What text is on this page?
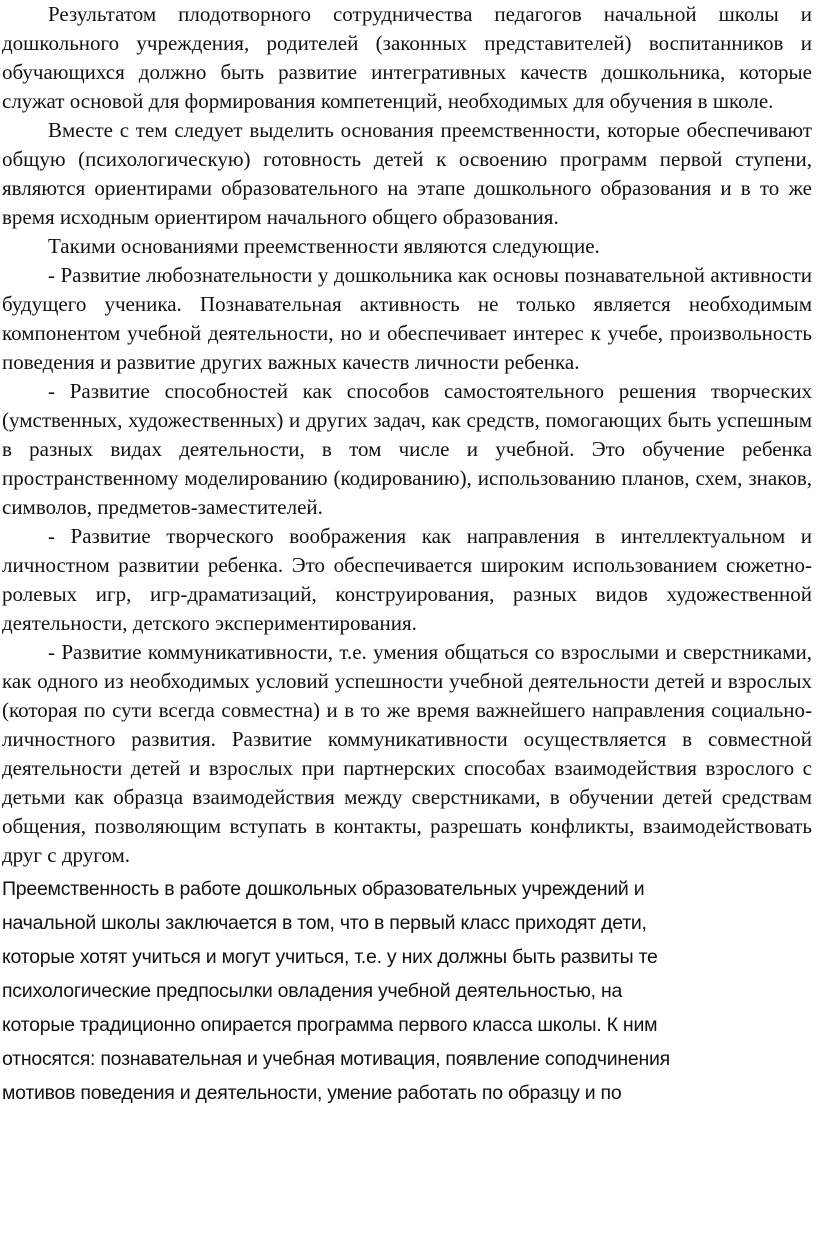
Результатом плодотворного сотрудничества педагогов начальной школы и дошкольного учреждения, родителей (законных представителей) воспитанников и обучающихся должно быть развитие интегративных качеств дошкольника, которые служат основой для формирования компетенций, необходимых для обучения в школе.

Вместе с тем следует выделить основания преемственности, которые обеспечивают общую (психологическую) готовность детей к освоению программ первой ступени, являются ориентирами образовательного на этапе дошкольного образования и в то же время исходным ориентиром начального общего образования.

Такими основаниями преемственности являются следующие.

- Развитие любознательности у дошкольника как основы познавательной активности будущего ученика. Познавательная активность не только является необходимым компонентом учебной деятельности, но и обеспечивает интерес к учебе, произвольность поведения и развитие других важных качеств личности ребенка.

- Развитие способностей как способов самостоятельного решения творческих (умственных, художественных) и других задач, как средств, помогающих быть успешным в разных видах деятельности, в том числе и учебной. Это обучение ребенка пространственному моделированию (кодированию), использованию планов, схем, знаков, символов, предметов-заместителей.

- Развитие творческого воображения как направления в интеллектуальном и личностном развитии ребенка. Это обеспечивается широким использованием сюжетно-ролевых игр, игр-драматизаций, конструирования, разных видов художественной деятельности, детского экспериментирования.

- Развитие коммуникативности, т.е. умения общаться со взрослыми и сверстниками, как одного из необходимых условий успешности учебной деятельности детей и взрослых (которая по сути всегда совместна) и в то же время важнейшего направления социально-личностного развития. Развитие коммуникативности осуществляется в совместной деятельности детей и взрослых при партнерских способах взаимодействия взрослого с детьми как образца взаимодействия между сверстниками, в обучении детей средствам общения, позволяющим вступать в контакты, разрешать конфликты, взаимодействовать друг с другом.

Преемственность в работе дошкольных образовательных учреждений и

начальной школы заключается в том, что в первый класс приходят дети,

которые хотят учиться и могут учиться, т.е. у них должны быть развиты те

психологические предпосылки овладения учебной деятельностью, на

которые традиционно опирается программа первого класса школы. К ним

относятся: познавательная и учебная мотивация, появление соподчинения

мотивов поведения и деятельности, умение работать по образцу и по
